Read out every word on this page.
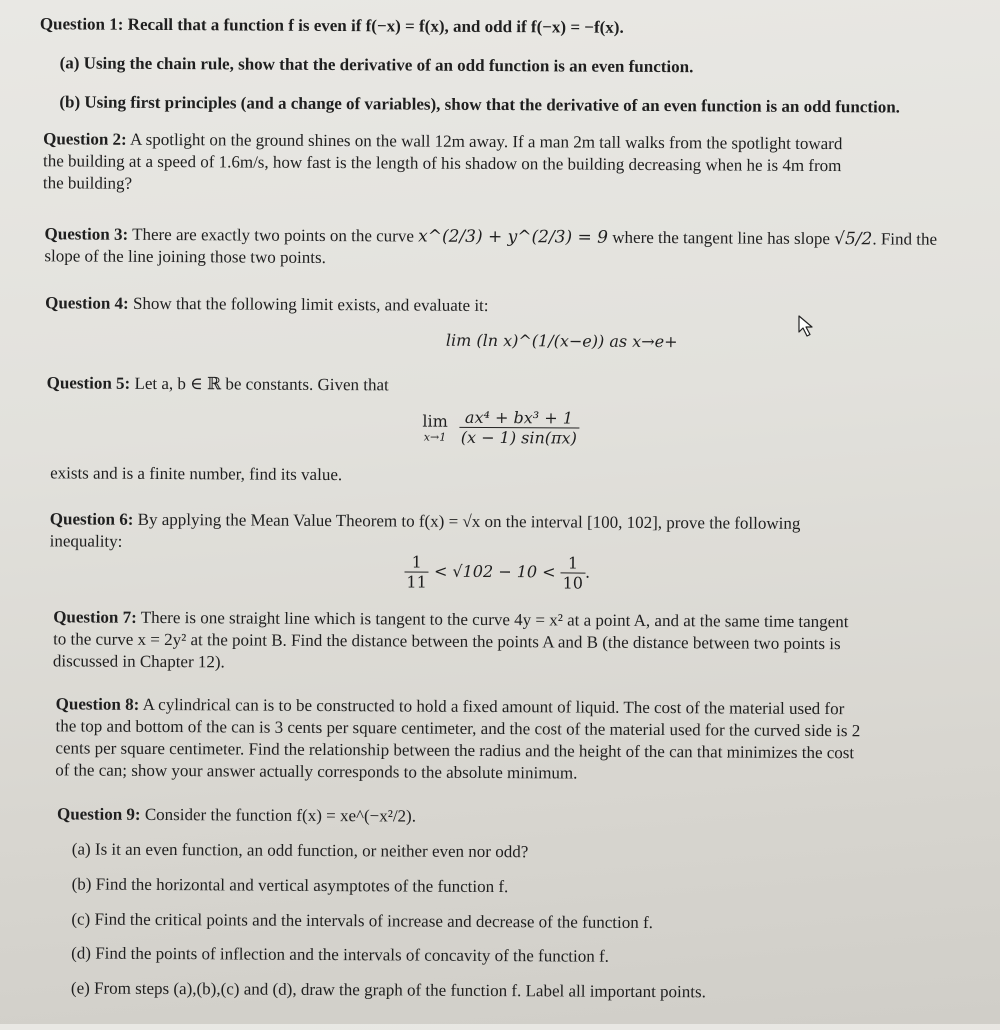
Question 1: Recall that a function f is even if f(−x) = f(x), and odd if f(−x) = −f(x).
(a) Using the chain rule, show that the derivative of an odd function is an even function.
(b) Using first principles (and a change of variables), show that the derivative of an even function is an odd function.
Question 2: A spotlight on the ground shines on the wall 12m away. If a man 2m tall walks from the spotlight toward
the building at a speed of 1.6m/s, how fast is the length of his shadow on the building decreasing when he is 4m from
the building?
Question 3: There are exactly two points on the curve x^(2/3) + y^(2/3) = 9 where the tangent line has slope √5/2. Find the
slope of the line joining those two points.
Question 4: Show that the following limit exists, and evaluate it:
lim (ln x)^(1/(x−e)) as x→e+
Question 5: Let a, b ∈ ℝ be constants. Given that
lim
x→1
$\frac{\text{ax⁴ + bx³ + 1}}{(x - 1) \sin(\pi x)}$
exists and is a finite number, find its value.
Question 6: By applying the Mean Value Theorem to f(x) = √x on the interval [100, 102], prove the following
inequality:
$\frac{1}{11} < √102 - 10 < \frac{1}{10}$ .
Question 7: There is one straight line which is tangent to the curve 4y = x² at a point A, and at the same time tangent
to the curve x = 2y² at the point B. Find the distance between the points A and B (the distance between two points is
discussed in Chapter 12).
Question 8: A cylindrical can is to be constructed to hold a fixed amount of liquid. The cost of the material used for
the top and bottom of the can is 3 cents per square centimeter, and the cost of the material used for the curved side is 2
cents per square centimeter. Find the relationship between the radius and the height of the can that minimizes the cost
of the can; show your answer actually corresponds to the absolute minimum.
Question 9: Consider the function f(x) = xe^(−x²/2).
(a) Is it an even function, an odd function, or neither even nor odd?
(b) Find the horizontal and vertical asymptotes of the function f.
(c) Find the critical points and the intervals of increase and decrease of the function f.
(d) Find the points of inflection and the intervals of concavity of the function f.
(e) From steps (a),(b),(c) and (d), draw the graph of the function f. Label all important points.
